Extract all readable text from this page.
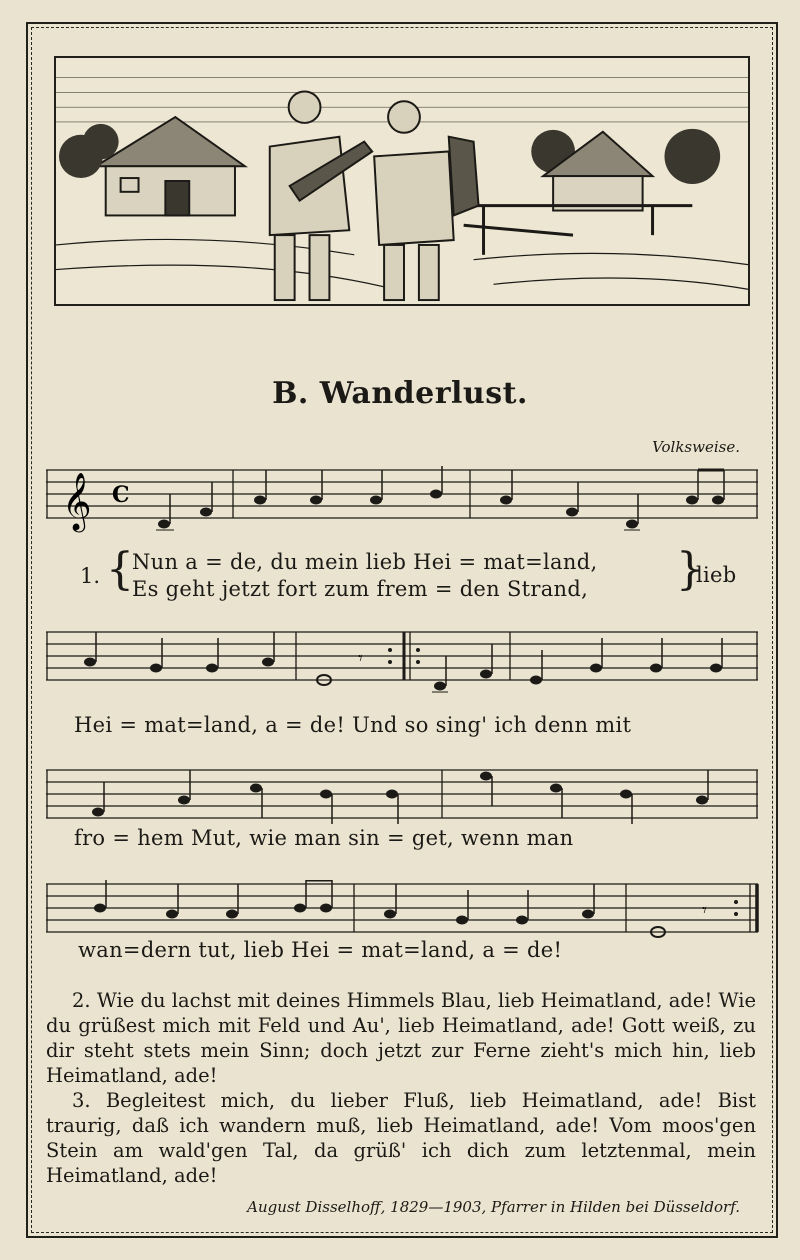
B. Wanderlust.
Volksweise.
𝄞 C
1. {
Nun a = de, du mein lieb Hei = mat=land,
Es geht jetzt fort zum frem = den Strand, }
lieb
𝄾
Hei = mat=land, a = de! Und so sing' ich denn mit
fro = hem Mut, wie man sin = get, wenn man
𝄾
wan=dern tut, lieb Hei = mat=land, a = de!

2. Wie du lachst mit deines Himmels Blau, lieb Heimatland, ade! Wie du grüßest mich mit Feld und Au', lieb Heimatland, ade! Gott weiß, zu dir steht stets mein Sinn; doch jetzt zur Ferne zieht's mich hin, lieb Heimatland, ade!

3. Begleitest mich, du lieber Fluß, lieb Heimatland, ade! Bist traurig, daß ich wandern muß, lieb Heimatland, ade! Vom moos'gen Stein am wald'gen Tal, da grüß' ich dich zum letztenmal, mein Heimatland, ade!

August Disselhoff, 1829—1903, Pfarrer in Hilden bei Düsseldorf.
